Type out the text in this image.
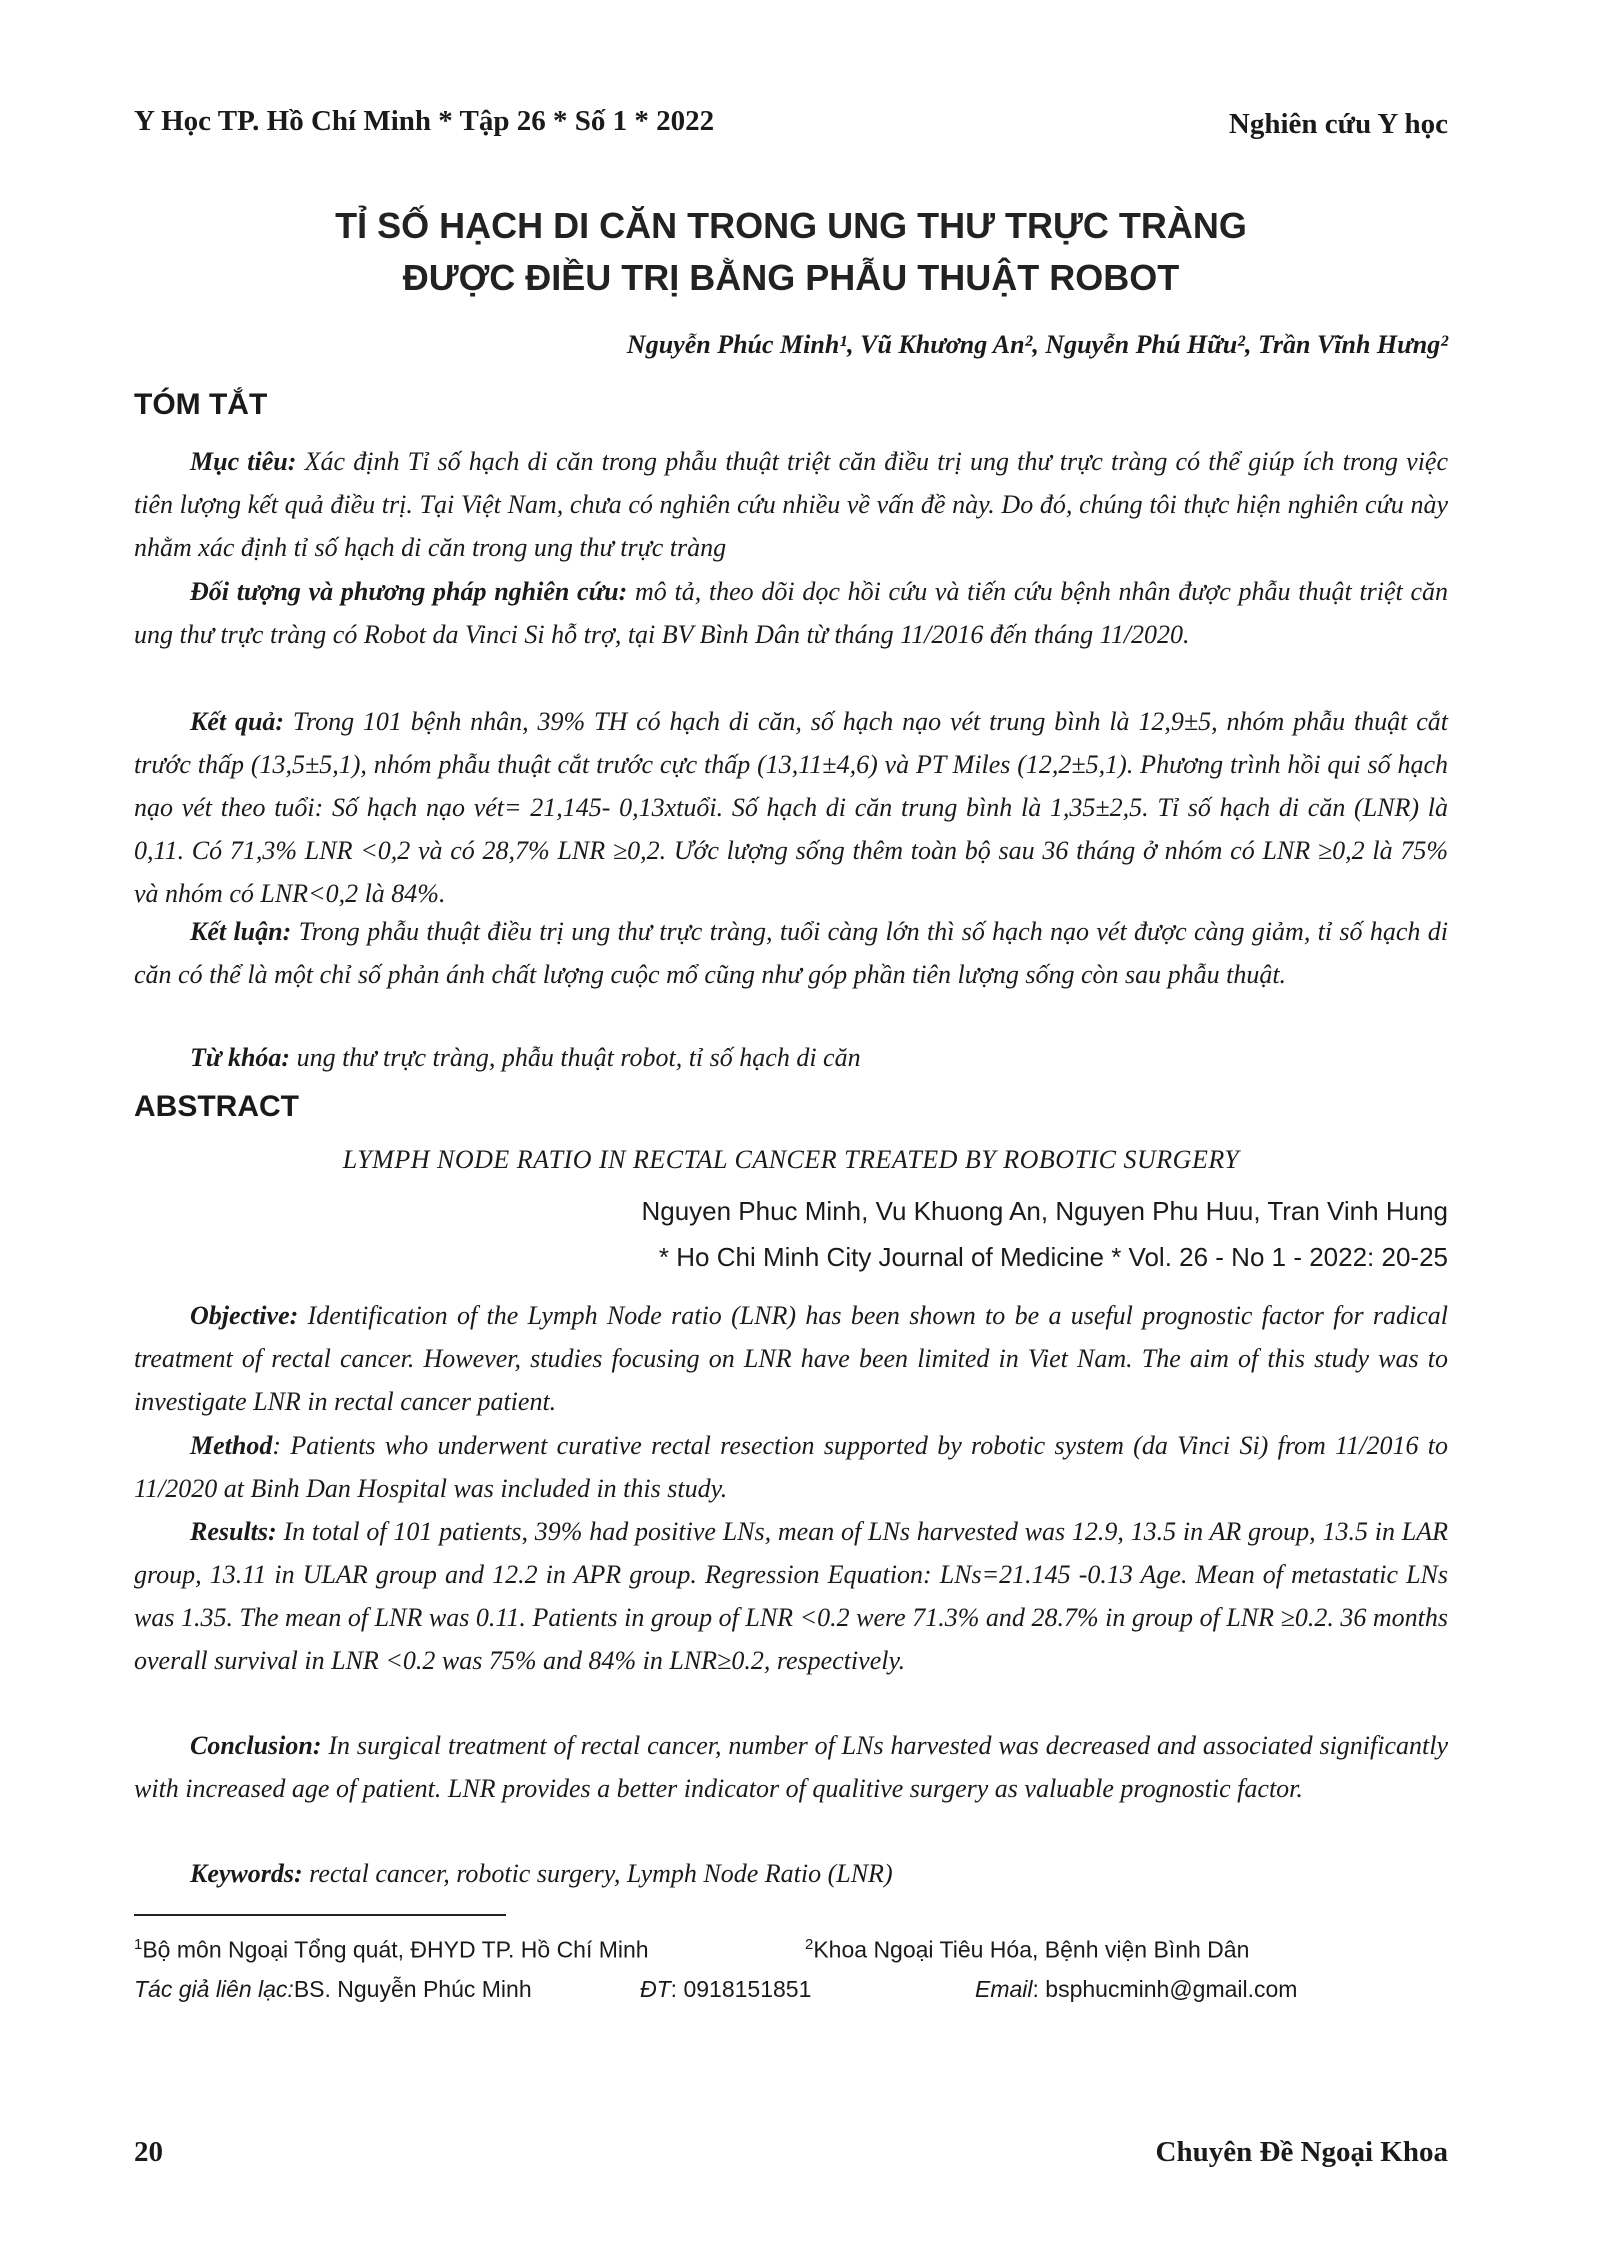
Y Học TP. Hồ Chí Minh * Tập 26 * Số 1 * 2022	Nghiên cứu Y học
TỈ SỐ HẠCH DI CĂN TRONG UNG THƯ TRỰC TRÀNG
ĐƯỢC ĐIỀU TRỊ BẰNG PHẪU THUẬT ROBOT
Nguyễn Phúc Minh¹, Vũ Khương An², Nguyễn Phú Hữu², Trần Vĩnh Hưng²
TÓM TẮT
Mục tiêu: Xác định Tỉ số hạch di căn trong phẫu thuật triệt căn điều trị ung thư trực tràng có thể giúp ích trong việc tiên lượng kết quả điều trị. Tại Việt Nam, chưa có nghiên cứu nhiều về vấn đề này. Do đó, chúng tôi thực hiện nghiên cứu này nhằm xác định tỉ số hạch di căn trong ung thư trực tràng
Đối tượng và phương pháp nghiên cứu: mô tả, theo dõi dọc hồi cứu và tiến cứu bệnh nhân được phẫu thuật triệt căn ung thư trực tràng có Robot da Vinci Si hỗ trợ, tại BV Bình Dân từ tháng 11/2016 đến tháng 11/2020.
Kết quả: Trong 101 bệnh nhân, 39% TH có hạch di căn, số hạch nạo vét trung bình là 12,9±5, nhóm phẫu thuật cắt trước thấp (13,5±5,1), nhóm phẫu thuật cắt trước cực thấp (13,11±4,6) và PT Miles (12,2±5,1). Phương trình hồi qui số hạch nạo vét theo tuổi: Số hạch nạo vét= 21,145- 0,13xtuổi. Số hạch di căn trung bình là 1,35±2,5. Tỉ số hạch di căn (LNR) là 0,11. Có 71,3% LNR <0,2 và có 28,7% LNR ≥0,2. Ước lượng sống thêm toàn bộ sau 36 tháng ở nhóm có LNR ≥0,2 là 75% và nhóm có LNR<0,2 là 84%.
Kết luận: Trong phẫu thuật điều trị ung thư trực tràng, tuổi càng lớn thì số hạch nạo vét được càng giảm, tỉ số hạch di căn có thể là một chỉ số phản ánh chất lượng cuộc mổ cũng như góp phần tiên lượng sống còn sau phẫu thuật.
Từ khóa: ung thư trực tràng, phẫu thuật robot, tỉ số hạch di căn
ABSTRACT
LYMPH NODE RATIO IN RECTAL CANCER TREATED BY ROBOTIC SURGERY
Nguyen Phuc Minh, Vu Khuong An, Nguyen Phu Huu, Tran Vinh Hung
* Ho Chi Minh City Journal of Medicine * Vol. 26 - No 1 - 2022: 20-25
Objective: Identification of the Lymph Node ratio (LNR) has been shown to be a useful prognostic factor for radical treatment of rectal cancer. However, studies focusing on LNR have been limited in Viet Nam. The aim of this study was to investigate LNR in rectal cancer patient.
Method: Patients who underwent curative rectal resection supported by robotic system (da Vinci Si) from 11/2016 to 11/2020 at Binh Dan Hospital was included in this study.
Results: In total of 101 patients, 39% had positive LNs, mean of LNs harvested was 12.9, 13.5 in AR group, 13.5 in LAR group, 13.11 in ULAR group and 12.2 in APR group. Regression Equation: LNs=21.145 -0.13 Age. Mean of metastatic LNs was 1.35. The mean of LNR was 0.11. Patients in group of LNR <0.2 were 71.3% and 28.7% in group of LNR ≥0.2. 36 months overall survival in LNR <0.2 was 75% and 84% in LNR≥0.2, respectively.
Conclusion: In surgical treatment of rectal cancer, number of LNs harvested was decreased and associated significantly with increased age of patient. LNR provides a better indicator of qualitive surgery as valuable prognostic factor.
Keywords: rectal cancer, robotic surgery, Lymph Node Ratio (LNR)
$^1$Bộ môn Ngoại Tổng quát, ĐHYD TP. Hồ Chí Minh	$^2$Khoa Ngoại Tiêu Hóa, Bệnh viện Bình Dân
Tác giả liên lạc:BS. Nguyễn Phúc Minh	ĐT: 0918151851	Email: bsphucminh@gmail.com
20	Chuyên Đề Ngoại Khoa
